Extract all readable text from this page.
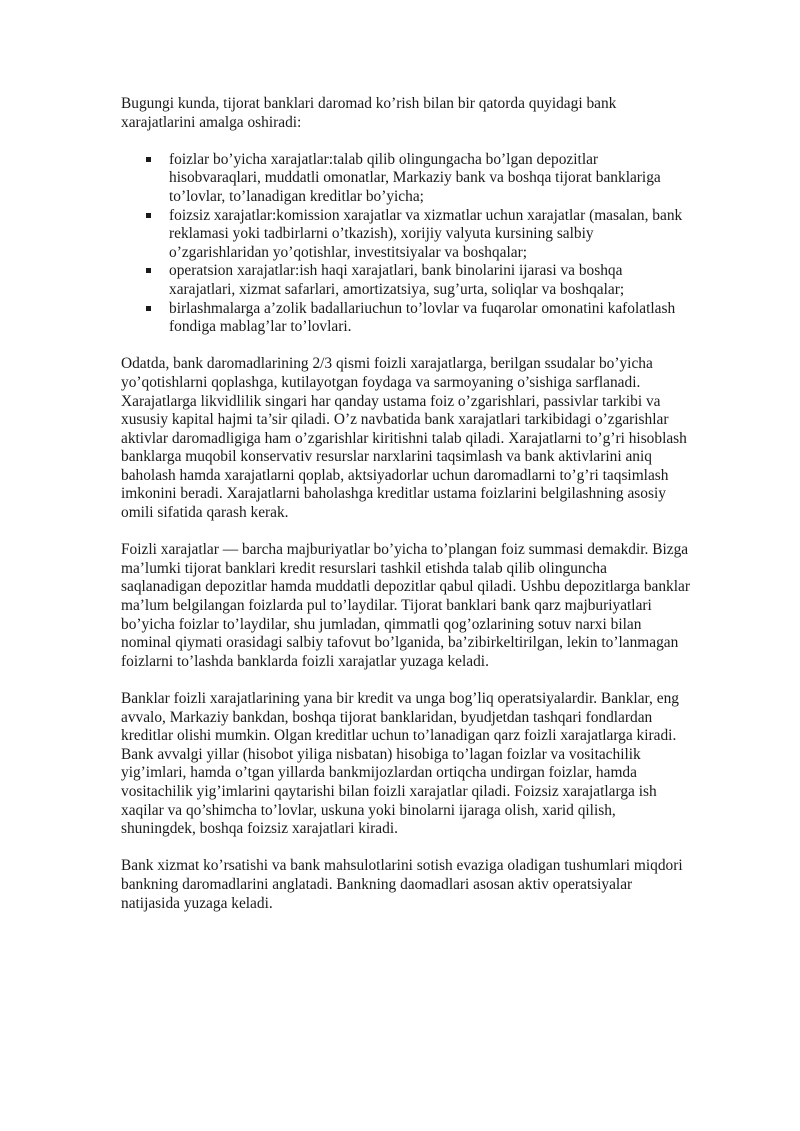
Bugungi kunda, tijorat banklari daromad ko’rish bilan bir qatorda quyidagi bank xarajatlarini amalga oshiradi:

foizlar bo’yicha xarajatlar:talab qilib olingungacha bo’lgan depozitlar hisobvaraqlari, muddatli omonatlar, Markaziy bank va boshqa tijorat banklariga to’lovlar, to’lanadigan kreditlar bo’yicha;
foizsiz xarajatlar:komission xarajatlar va xizmatlar uchun xarajatlar (masalan, bank reklamasi yoki tadbirlarni o’tkazish), xorijiy valyuta kursining salbiy o’zgarishlaridan yo’qotishlar, investitsiyalar va boshqalar;
operatsion xarajatlar:ish haqi xarajatlari, bank binolarini ijarasi va boshqa xarajatlari, xizmat safarlari, amortizatsiya, sug’urta, soliqlar va boshqalar;
birlashmalarga a’zolik badallariuchun to’lovlar va fuqarolar omonatini kafolatlash fondiga mablag’lar to’lovlari.

Odatda, bank daromadlarining 2/3 qismi foizli xarajatlarga, berilgan ssudalar bo’yicha yo’qotishlarni qoplashga, kutilayotgan foydaga va sarmoyaning o’sishiga sarflanadi. Xarajatlarga likvidlilik singari har qanday ustama foiz o’zgarishlari, passivlar tarkibi va xususiy kapital hajmi ta’sir qiladi. O’z navbatida bank xarajatlari tarkibidagi o’zgarishlar aktivlar daromadligiga ham o’zgarishlar kiritishni talab qiladi. Xarajatlarni to’g’ri hisoblash banklarga muqobil konservativ resurslar narxlarini taqsimlash va bank aktivlarini aniq baholash hamda xarajatlarni qoplab, aktsiyadorlar uchun daromadlarni to’g’ri taqsimlash imkonini beradi. Xarajatlarni baholashga kreditlar ustama foizlarini belgilashning asosiy omili sifatida qarash kerak.

Foizli xarajatlar — barcha majburiyatlar bo’yicha to’plangan foiz summasi demakdir. Bizga ma’lumki tijorat banklari kredit resurslari tashkil etishda talab qilib olinguncha saqlanadigan depozitlar hamda muddatli depozitlar qabul qiladi. Ushbu depozitlarga banklar ma’lum belgilangan foizlarda pul to’laydilar. Tijorat banklari bank qarz majburiyatlari bo’yicha foizlar to’laydilar, shu jumladan, qimmatli qog’ozlarining sotuv narxi bilan nominal qiymati orasidagi salbiy tafovut bo’lganida, ba’zibirkeltirilgan, lekin to’lanmagan foizlarni to’lashda banklarda foizli xarajatlar yuzaga keladi.

Banklar foizli xarajatlarining yana bir kredit va unga bog’liq operatsiyalardir. Banklar, eng avvalo, Markaziy bankdan, boshqa tijorat banklaridan, byudjetdan tashqari fondlardan kreditlar olishi mumkin. Olgan kreditlar uchun to’lanadigan qarz foizli xarajatlarga kiradi. Bank avvalgi yillar (hisobot yiliga nisbatan) hisobiga to’lagan foizlar va vositachilik yig’imlari, hamda o’tgan yillarda bankmijozlardan ortiqcha undirgan foizlar, hamda vositachilik yig’imlarini qaytarishi bilan foizli xarajatlar qiladi. Foizsiz xarajatlarga ish xaqilar va qo’shimcha to’lovlar, uskuna yoki binolarni ijaraga olish, xarid qilish, shuningdek, boshqa foizsiz xarajatlari kiradi.

Bank xizmat ko’rsatishi va bank mahsulotlarini sotish evaziga oladigan tushumlari miqdori bankning daromadlarini anglatadi. Bankning daomadlari asosan aktiv operatsiyalar natijasida yuzaga keladi.
